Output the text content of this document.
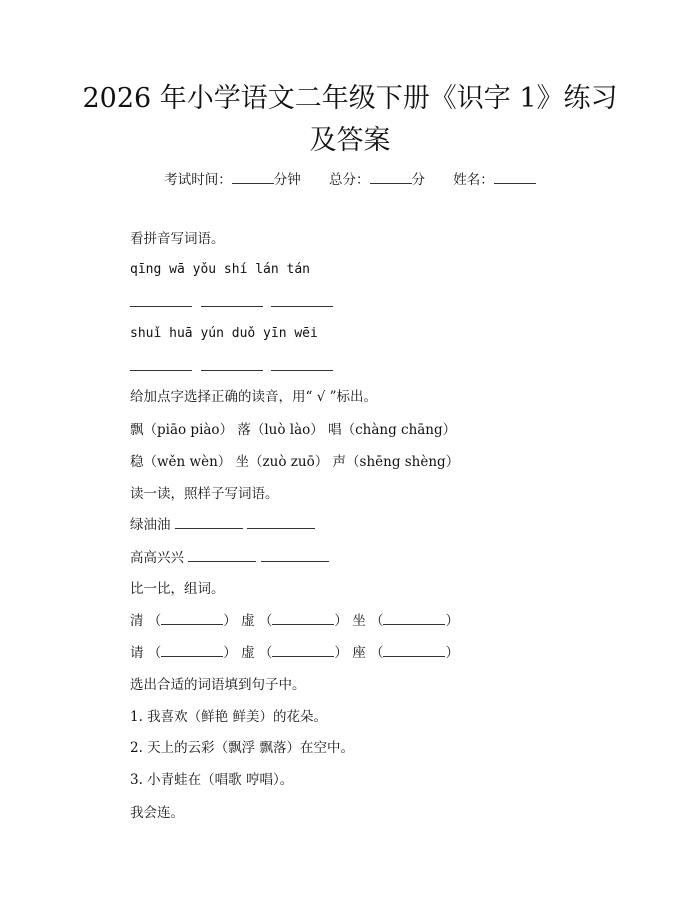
2026 年小学语文二年级下册《识字 1》练习
及答案
考试时间：	分钟 总分：	分 姓名：
看拼音写词语。
qīng wā yǒu shí lán tán

shuǐ huā yún duǒ yīn wēi

给加点字选择正确的读音，用“ √ ”标出。
飘（piāo piào） 落（luò lào） 唱（chàng chāng）
稳（wěn wèn） 坐（zuò zuō） 声（shēng shèng）
读一读，照样子写词语。
绿油油
高高兴兴
比一比，组词。
清 （	） 虚 （	） 坐 （	）
请 （	） 虚 （	） 座 （	）
选出合适的词语填到句子中。
1. 我喜欢（鲜艳 鲜美）的花朵。
2. 天上的云彩（飘浮 飘落）在空中。
3. 小青蛙在（唱歌 哼唱）。
我会连。
